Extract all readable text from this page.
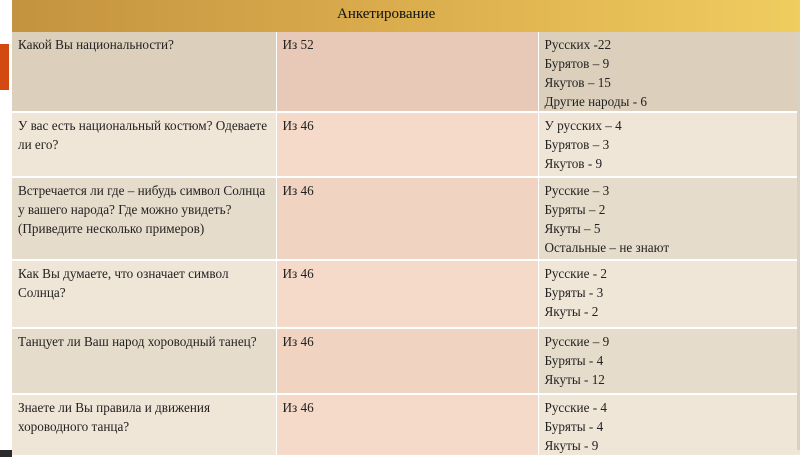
Анкетирование
Какой Вы национальности?	Из 52	Русских -22
Бурятов – 9
Якутов – 15
Другие народы - 6

У вас есть национальный костюм? Одеваете ли его?	Из 46	У русских – 4
Бурятов – 3
Якутов - 9

Встречается ли где – нибудь символ Солнца у вашего народа? Где можно увидеть? (Приведите несколько примеров)	Из 46	Русские – 3
Буряты – 2
Якуты – 5
Остальные – не знают

Как Вы думаете, что означает символ Солнца?	Из 46	Русские - 2
Буряты - 3
Якуты - 2

Танцует ли Ваш народ хороводный танец?	Из 46	Русские – 9
Буряты - 4
Якуты - 12

Знаете ли Вы правила и движения хороводного танца?	Из 46	Русские - 4
Буряты - 4
Якуты - 9
